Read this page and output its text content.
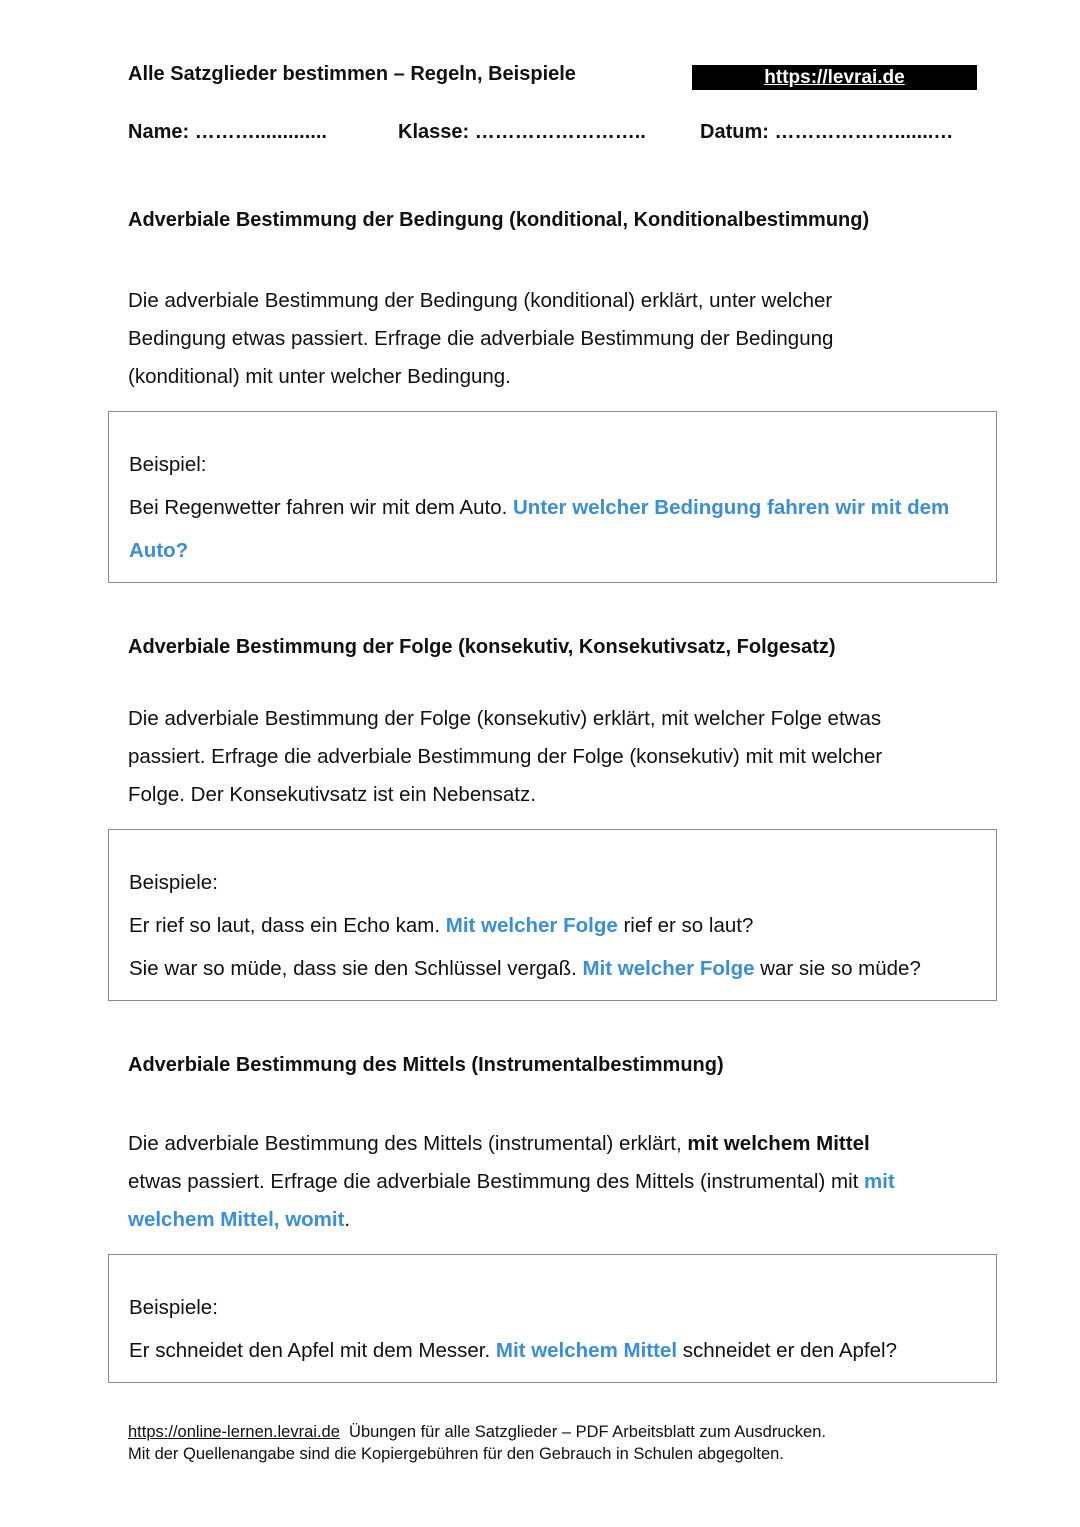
Alle Satzglieder bestimmen – Regeln, Beispiele	https://levrai.de
Name: ……….............	Klasse: ……………………..	Datum: ……………….......…
Adverbiale Bestimmung der Bedingung (konditional, Konditionalbestimmung)
Die adverbiale Bestimmung der Bedingung (konditional) erklärt, unter welcher
Bedingung etwas passiert. Erfrage die adverbiale Bestimmung der Bedingung
(konditional) mit unter welcher Bedingung.
Beispiel:
Bei Regenwetter fahren wir mit dem Auto. Unter welcher Bedingung fahren wir mit dem Auto?
Adverbiale Bestimmung der Folge (konsekutiv, Konsekutivsatz, Folgesatz)
Die adverbiale Bestimmung der Folge (konsekutiv) erklärt, mit welcher Folge etwas
passiert. Erfrage die adverbiale Bestimmung der Folge (konsekutiv) mit mit welcher
Folge. Der Konsekutivsatz ist ein Nebensatz.
Beispiele:
Er rief so laut, dass ein Echo kam. Mit welcher Folge rief er so laut?
Sie war so müde, dass sie den Schlüssel vergaß. Mit welcher Folge war sie so müde?
Adverbiale Bestimmung des Mittels (Instrumentalbestimmung)
Die adverbiale Bestimmung des Mittels (instrumental) erklärt, mit welchem Mittel
etwas passiert. Erfrage die adverbiale Bestimmung des Mittels (instrumental) mit mit
welchem Mittel, womit.
Beispiele:
Er schneidet den Apfel mit dem Messer. Mit welchem Mittel schneidet er den Apfel?
https://online-lernen.levrai.de  Übungen für alle Satzglieder – PDF Arbeitsblatt zum Ausdrucken.
Mit der Quellenangabe sind die Kopiergebühren für den Gebrauch in Schulen abgegolten.
